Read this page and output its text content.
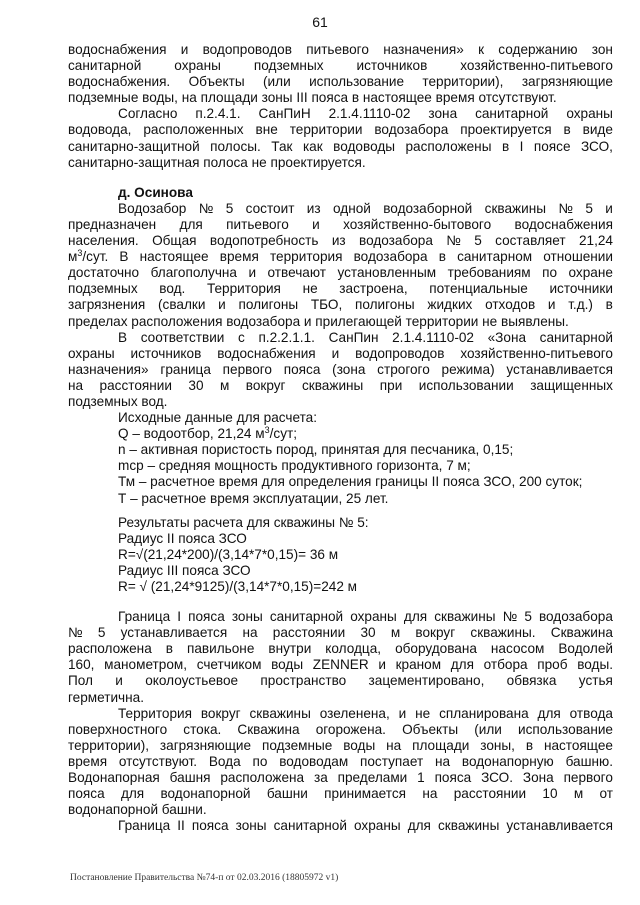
61
водоснабжения и водопроводов питьевого назначения» к содержанию зон
санитарной охраны подземных источников хозяйственно-питьевого
водоснабжения. Объекты (или использование территории), загрязняющие
подземные воды, на площади зоны III пояса в настоящее время отсутствуют.
Согласно п.2.4.1. СанПиН 2.1.4.1110-02 зона санитарной охраны
водовода, расположенных вне территории водозабора проектируется в виде
санитарно-защитной полосы. Так как водоводы расположены в I поясе ЗСО,
санитарно-защитная полоса не проектируется.
д. Осинова
Водозабор № 5 состоит из одной водозаборной скважины № 5 и
предназначен для питьевого и хозяйственно-бытового водоснабжения
населения. Общая водопотребность из водозабора № 5 составляет 21,24
$м^3$/сут. В настоящее время территория водозабора в санитарном отношении
достаточно благополучна и отвечают установленным требованиям по охране
подземных вод. Территория не застроена, потенциальные источники
загрязнения (свалки и полигоны ТБО, полигоны жидких отходов и т.д.) в
пределах расположения водозабора и прилегающей территории не выявлены.
В соответствии с п.2.2.1.1. СанПин 2.1.4.1110-02 «Зона санитарной
охраны источников водоснабжения и водопроводов хозяйственно-питьевого
назначения» граница первого пояса (зона строгого режима) устанавливается
на расстоянии 30 м вокруг скважины при использовании защищенных
подземных вод.
Исходные данные для расчета:
Q – водоотбор, 21,24 $м^3$/сут;
n – активная пористость пород, принятая для песчаника, 0,15;
mcp – средняя мощность продуктивного горизонта, 7 м;
Тм – расчетное время для определения границы II пояса ЗСО, 200 суток;
Т – расчетное время эксплуатации, 25 лет.
Результаты расчета для скважины № 5:
Радиус II пояса ЗСО
R=√(21,24*200)/(3,14*7*0,15)= 36 м
Радиус III пояса ЗСО
R= √ (21,24*9125)/(3,14*7*0,15)=242 м
Граница I пояса зоны санитарной охраны для скважины № 5 водозабора
№ 5 устанавливается на расстоянии 30 м вокруг скважины. Скважина
расположена в павильоне внутри колодца, оборудована насосом Водолей
160, манометром, счетчиком воды ZENNER и краном для отбора проб воды.
Пол и околоустьевое пространство зацементировано, обвязка устья
герметична.
Территория вокруг скважины озеленена, и не спланирована для отвода
поверхностного стока. Скважина огорожена. Объекты (или использование
территории), загрязняющие подземные воды на площади зоны, в настоящее
время отсутствуют. Вода по водоводам поступает на водонапорную башню.
Водонапорная башня расположена за пределами 1 пояса ЗСО. Зона первого
пояса для водонапорной башни принимается на расстоянии 10 м от
водонапорной башни.
Граница II пояса зоны санитарной охраны для скважины устанавливается
Постановление Правительства №74-п от 02.03.2016 (18805972 v1)
